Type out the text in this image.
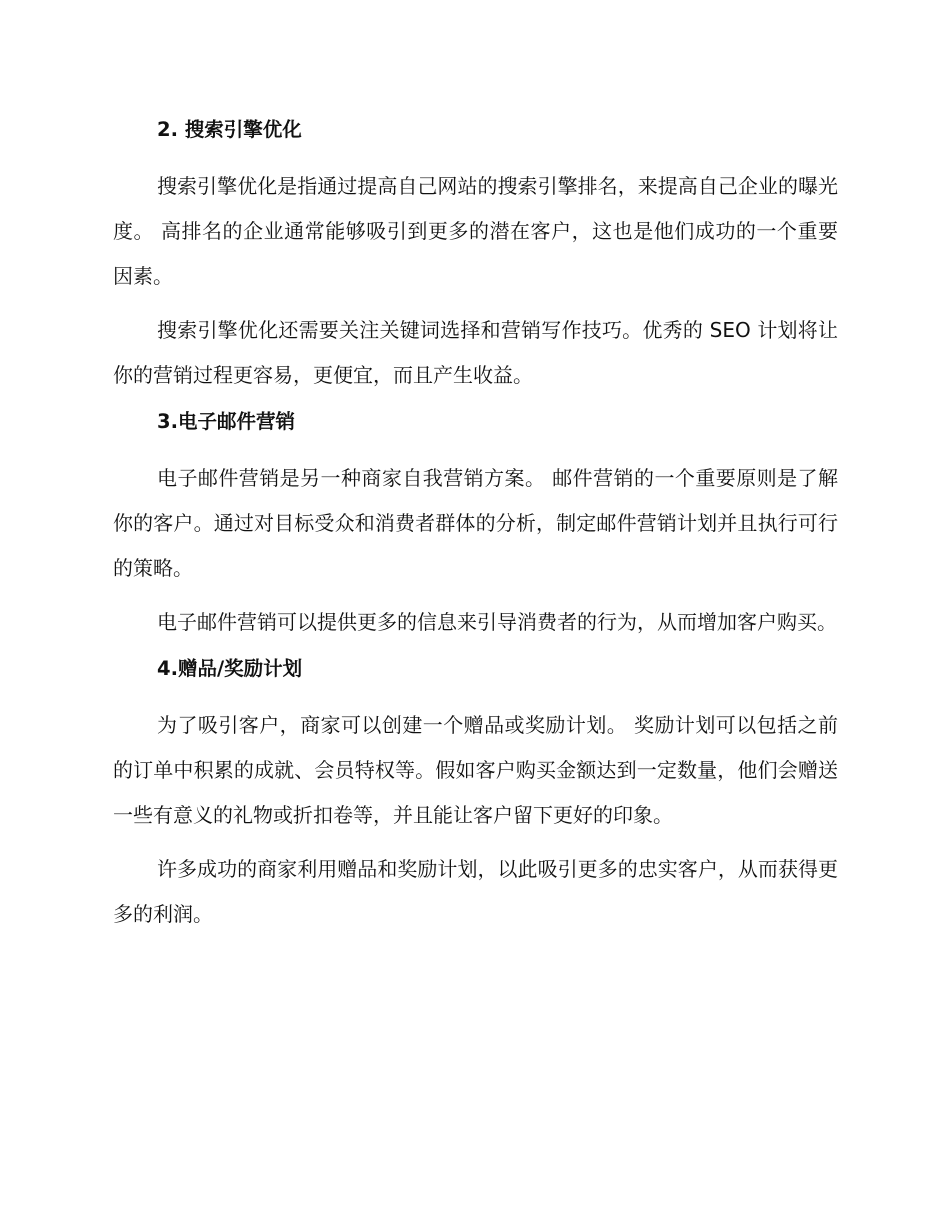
2. 搜索引擎优化

搜索引擎优化是指通过提高自己网站的搜索引擎排名，来提高自己企业的曝光度。 高排名的企业通常能够吸引到更多的潜在客户，这也是他们成功的一个重要因素。

搜索引擎优化还需要关注关键词选择和营销写作技巧。优秀的 SEO 计划将让你的营销过程更容易，更便宜，而且产生收益。

3.电子邮件营销

电子邮件营销是另一种商家自我营销方案。 邮件营销的一个重要原则是了解你的客户。通过对目标受众和消费者群体的分析，制定邮件营销计划并且执行可行的策略。

电子邮件营销可以提供更多的信息来引导消费者的行为，从而增加客户购买。

4.赠品/奖励计划

为了吸引客户，商家可以创建一个赠品或奖励计划。 奖励计划可以包括之前的订单中积累的成就、会员特权等。假如客户购买金额达到一定数量，他们会赠送一些有意义的礼物或折扣卷等，并且能让客户留下更好的印象。

许多成功的商家利用赠品和奖励计划，以此吸引更多的忠实客户，从而获得更多的利润。
